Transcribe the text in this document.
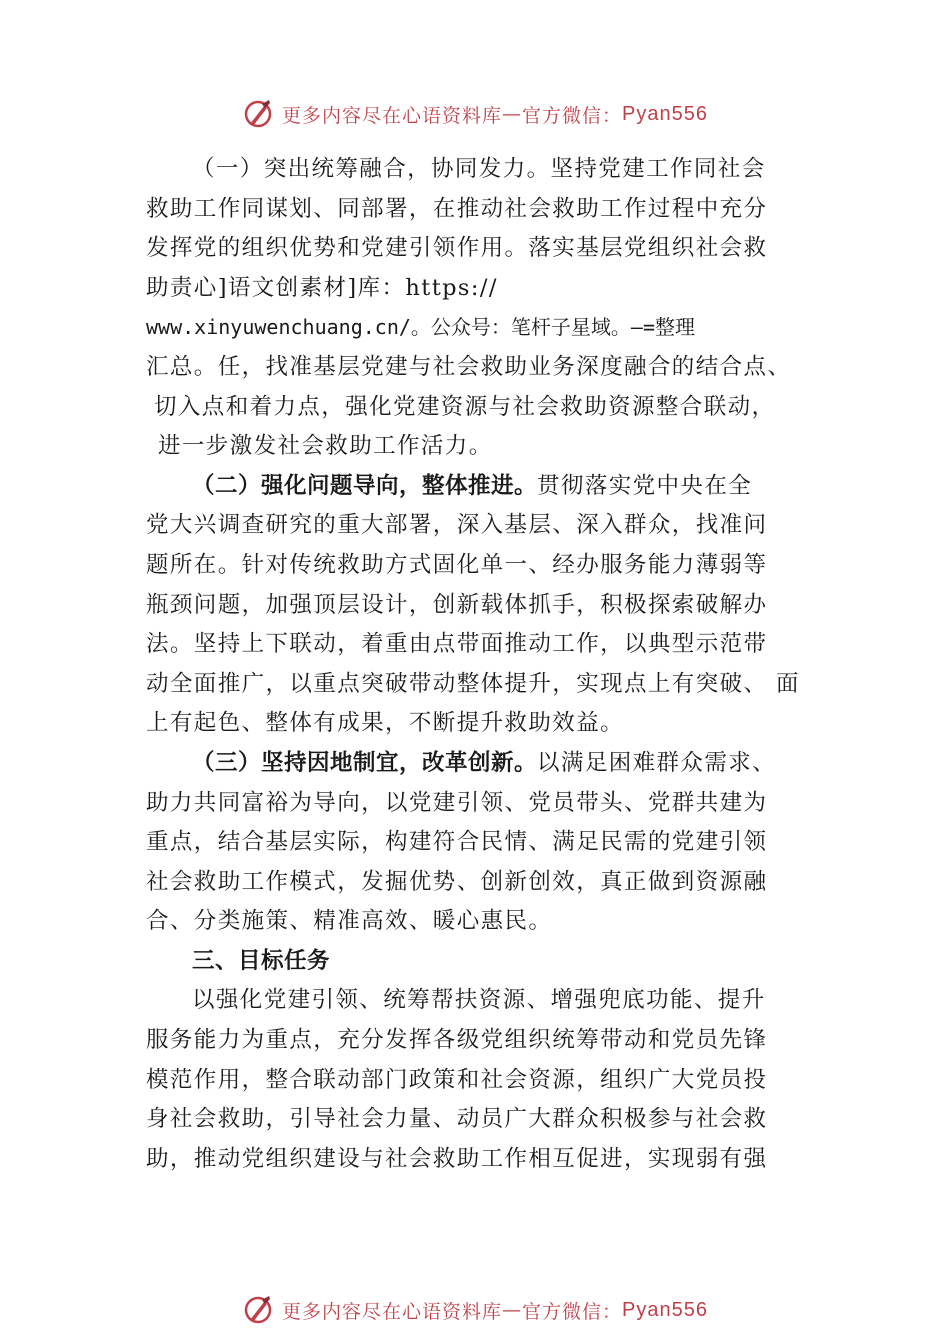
更多内容尽在心语资料库 — 官方微信： Pyan556
（一）突出统筹融合，协同发力。坚持党建工作同社会
救助工作同谋划、同部署，在推动社会救助工作过程中充分
发挥党的组织优势和党建引领作用。落实基层党组织社会救
助责心]语文创素材]库：https://
www.xinyuwenchuang.cn/。公众号：笔杆子星域。—=整理
汇总。任，找准基层党建与社会救助业务深度融合的结合点、
切入点和着力点，强化党建资源与社会救助资源整合联动，
进一步激发社会救助工作活力。
（二）强化问题导向，整体推进。贯彻落实党中央在全
党大兴调查研究的重大部署，深入基层、深入群众，找准问
题所在。针对传统救助方式固化单一、经办服务能力薄弱等
瓶颈问题，加强顶层设计，创新载体抓手，积极探索破解办
法。坚持上下联动，着重由点带面推动工作，以典型示范带
动全面推广，以重点突破带动整体提升，实现点上有突破、 面
上有起色、整体有成果，不断提升救助效益。
（三）坚持因地制宜，改革创新。以满足困难群众需求、
助力共同富裕为导向，以党建引领、党员带头、党群共建为
重点，结合基层实际，构建符合民情、满足民需的党建引领
社会救助工作模式，发掘优势、创新创效，真正做到资源融
合、分类施策、精准高效、暖心惠民。
三、目标任务
以强化党建引领、统筹帮扶资源、增强兜底功能、提升
服务能力为重点，充分发挥各级党组织统筹带动和党员先锋
模范作用，整合联动部门政策和社会资源，组织广大党员投
身社会救助，引导社会力量、动员广大群众积极参与社会救
助，推动党组织建设与社会救助工作相互促进，实现弱有强
更多内容尽在心语资料库 — 官方微信： Pyan556
